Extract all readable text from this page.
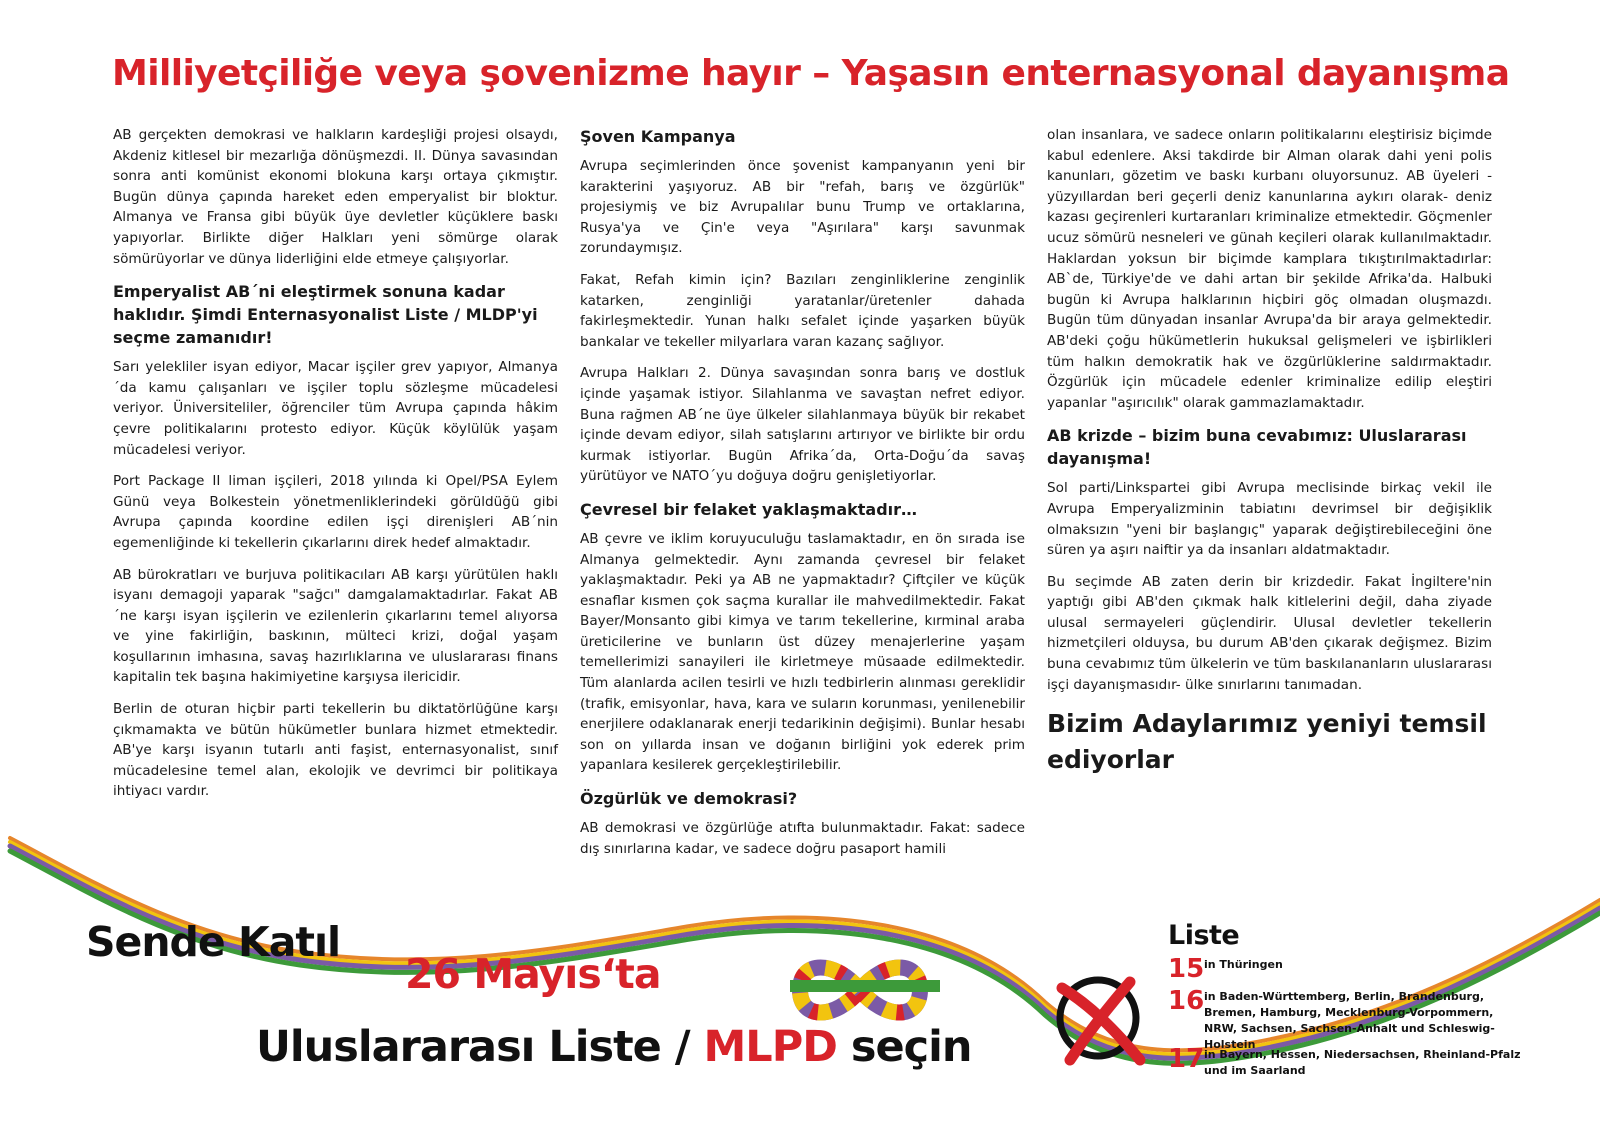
Milliyetçiliğe veya şovenizme hayır – Yaşasın enternasyonal dayanışma

AB gerçekten demokrasi ve halkların kardeşliği projesi olsaydı, Akdeniz kitlesel bir mezarlığa dönüşmezdi. II. Dünya savasından sonra anti komünist ekonomi blokuna karşı ortaya çıkmıştır. Bugün dünya çapında hareket eden emperyalist bir bloktur. Almanya ve Fransa gibi büyük üye devletler küçüklere baskı yapıyorlar. Birlikte diğer Halkları yeni sömürge olarak sömürüyorlar ve dünya liderliğini elde etmeye çalışıyorlar.

Emperyalist AB´ni eleştirmek sonuna kadar haklıdır. Şimdi Enternasyonalist Liste / MLDP'yi seçme zamanıdır!

Sarı yelekliler isyan ediyor, Macar işçiler grev yapıyor, Almanya´da kamu çalışanları ve işçiler toplu sözleşme mücadelesi veriyor. Üniversiteliler, öğrenciler tüm Avrupa çapında hâkim çevre politikalarını protesto ediyor. Küçük köylülük yaşam mücadelesi veriyor.

Port Package II liman işçileri, 2018 yılında ki Opel/PSA Eylem Günü veya Bolkestein yönetmenliklerindeki görüldüğü gibi Avrupa çapında koordine edilen işçi direnişleri AB´nin egemenliğinde ki tekellerin çıkarlarını direk hedef almaktadır.

AB bürokratları ve burjuva politikacıları AB karşı yürütülen haklı isyanı demagoji yaparak "sağcı" damgalamaktadırlar. Fakat AB´ne karşı isyan işçilerin ve ezilenlerin çıkarlarını temel alıyorsa ve yine fakirliğin, baskının, mülteci krizi, doğal yaşam koşullarının imhasına, savaş hazırlıklarına ve uluslararası finans kapitalin tek başına hakimiyetine karşıysa ilericidir.

Berlin de oturan hiçbir parti tekellerin bu diktatörlüğüne karşı çıkmamakta ve bütün hükümetler bunlara hizmet etmektedir. AB'ye karşı isyanın tutarlı anti faşist, enternasyonalist, sınıf mücadelesine temel alan, ekolojik ve devrimci bir politikaya ihtiyacı vardır.

Şoven Kampanya

Avrupa seçimlerinden önce şovenist kampanyanın yeni bir karakterini yaşıyoruz. AB bir "refah, barış ve özgürlük" projesiymiş ve biz Avrupalılar bunu Trump ve ortaklarına, Rusya'ya ve Çin'e veya "Aşırılara" karşı savunmak zorundaymışız.

Fakat, Refah kimin için? Bazıları zenginliklerine zenginlik katarken, zenginliği yaratanlar/üretenler dahada fakirleşmektedir. Yunan halkı sefalet içinde yaşarken büyük bankalar ve tekeller milyarlara varan kazanç sağlıyor.

Avrupa Halkları 2. Dünya savaşından sonra barış ve dostluk içinde yaşamak istiyor. Silahlanma ve savaştan nefret ediyor. Buna rağmen AB´ne üye ülkeler silahlanmaya büyük bir rekabet içinde devam ediyor, silah satışlarını artırıyor ve birlikte bir ordu kurmak istiyorlar. Bugün Afrika´da, Orta-Doğu´da savaş yürütüyor ve NATO´yu doğuya doğru genişletiyorlar.

Çevresel bir felaket yaklaşmaktadır…

AB çevre ve iklim koruyuculuğu taslamaktadır, en ön sırada ise Almanya gelmektedir. Aynı zamanda çevresel bir felaket yaklaşmaktadır. Peki ya AB ne yapmaktadır? Çiftçiler ve küçük esnaflar kısmen çok saçma kurallar ile mahvedilmektedir. Fakat Bayer/Monsanto gibi kimya ve tarım tekellerine, kırminal araba üreticilerine ve bunların üst düzey menajerlerine yaşam temellerimizi sanayileri ile kirletmeye müsaade edilmektedir. Tüm alanlarda acilen tesirli ve hızlı tedbirlerin alınması gereklidir (trafik, emisyonlar, hava, kara ve suların korunması, yenilenebilir enerjilere odaklanarak enerji tedarikinin değişimi). Bunlar hesabı son on yıllarda insan ve doğanın birliğini yok ederek prim yapanlara kesilerek gerçekleştirilebilir.

Özgürlük ve demokrasi?

AB demokrasi ve özgürlüğe atıfta bulunmaktadır. Fakat: sadece dış sınırlarına kadar, ve sadece doğru pasaport hamili

olan insanlara, ve sadece onların politikalarını eleştirisiz biçimde kabul edenlere. Aksi takdirde bir Alman olarak dahi yeni polis kanunları, gözetim ve baskı kurbanı oluyorsunuz. AB üyeleri -yüzyıllardan beri geçerli deniz kanunlarına aykırı olarak- deniz kazası geçirenleri kurtaranları kriminalize etmektedir. Göçmenler ucuz sömürü nesneleri ve günah keçileri olarak kullanılmaktadır. Haklardan yoksun bir biçimde kamplara tıkıştırılmaktadırlar: AB`de, Türkiye'de ve dahi artan bir şekilde Afrika'da. Halbuki bugün ki Avrupa halklarının hiçbiri göç olmadan oluşmazdı. Bugün tüm dünyadan insanlar Avrupa'da bir araya gelmektedir. AB'deki çoğu hükümetlerin hukuksal gelişmeleri ve işbirlikleri tüm halkın demokratik hak ve özgürlüklerine saldırmaktadır. Özgürlük için mücadele edenler kriminalize edilip eleştiri yapanlar "aşırıcılık" olarak gammazlamaktadır.

AB krizde – bizim buna cevabımız: Uluslararası dayanışma!

Sol parti/Linkspartei gibi Avrupa meclisinde birkaç vekil ile Avrupa Emperyalizminin tabiatını devrimsel bir değişiklik olmaksızın "yeni bir başlangıç" yaparak değiştirebileceğini öne süren ya aşırı naiftir ya da insanları aldatmaktadır.

Bu seçimde AB zaten derin bir krizdedir. Fakat İngiltere'nin yaptığı gibi AB'den çıkmak halk kitlelerini değil, daha ziyade ulusal sermayeleri güçlendirir. Ulusal devletler tekellerin hizmetçileri olduysa, bu durum AB'den çıkarak değişmez. Bizim buna cevabımız tüm ülkelerin ve tüm baskılananların uluslararası işçi dayanışmasıdır- ülke sınırlarını tanımadan.

Bizim Adaylarımız yeniyi temsil ediyorlar
Sende Katıl
26 Mayıs‘ta
Uluslararası Liste / MLPD seçin
Liste
15 in Thüringen
16 in Baden-Württemberg, Berlin, Brandenburg, Bremen, Hamburg, Mecklenburg-Vorpommern, NRW, Sachsen, Sachsen-Anhalt und Schleswig-Holstein
17 in Bayern, Hessen, Niedersachsen, Rheinland-Pfalz und im Saarland
